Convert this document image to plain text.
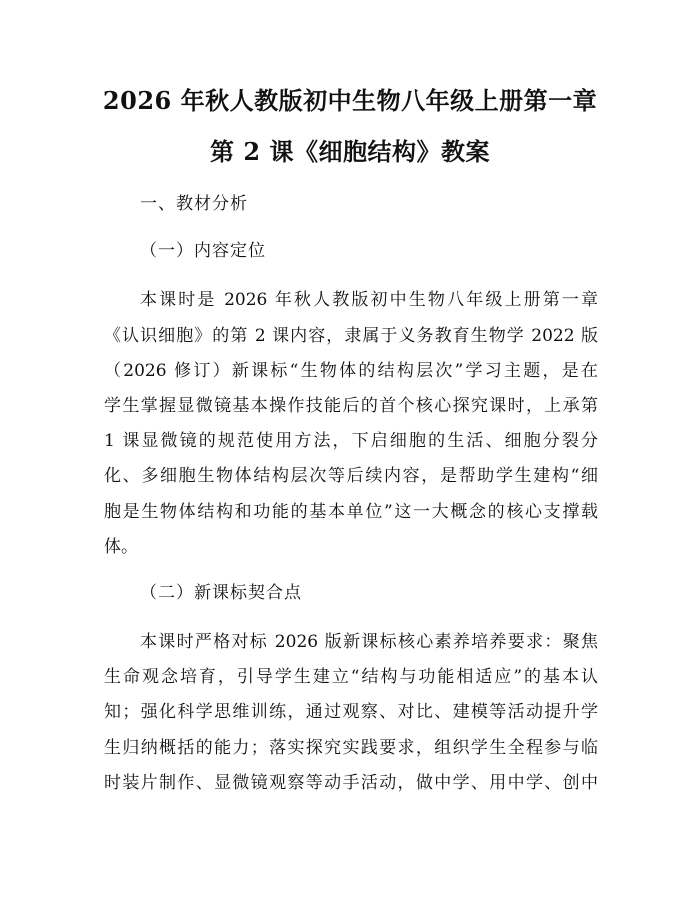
2026 年秋人教版初中生物八年级上册第一章
第 2 课《细胞结构》教案
一、教材分析
（一）内容定位
本课时是 2026 年秋人教版初中生物八年级上册第一章
《认识细胞》的第 2 课内容，隶属于义务教育生物学 2022 版
（2026 修订）新课标“生物体的结构层次”学习主题，是在
学生掌握显微镜基本操作技能后的首个核心探究课时，上承第
1 课显微镜的规范使用方法，下启细胞的生活、细胞分裂分
化、多细胞生物体结构层次等后续内容，是帮助学生建构“细
胞是生物体结构和功能的基本单位”这一大概念的核心支撑载
体。
（二）新课标契合点
本课时严格对标 2026 版新课标核心素养培养要求：聚焦
生命观念培育，引导学生建立“结构与功能相适应”的基本认
知；强化科学思维训练，通过观察、对比、建模等活动提升学
生归纳概括的能力；落实探究实践要求，组织学生全程参与临
时装片制作、显微镜观察等动手活动，做中学、用中学、创中
